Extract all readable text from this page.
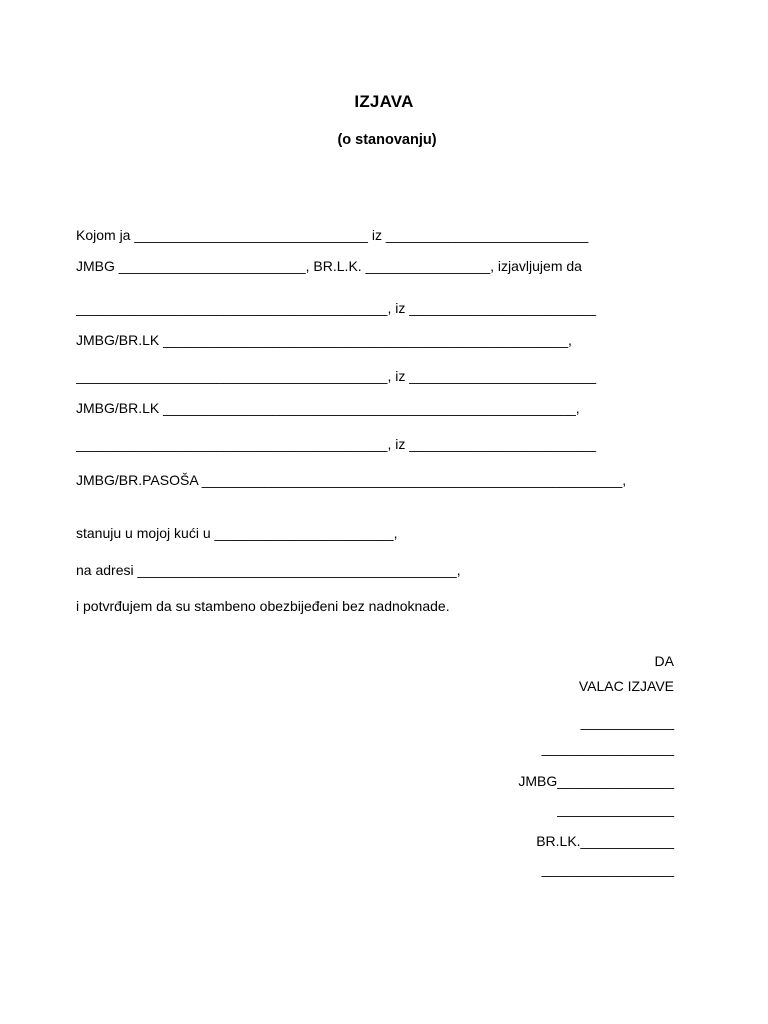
IZJAVA
(o stanovanju)
Kojom ja ______________________________ iz __________________________
JMBG ________________________, BR.L.K. ________________, izjavljujem da
________________________________________, iz ________________________
JMBG/BR.LK ____________________________________________________,
________________________________________, iz ________________________
JMBG/BR.LK _____________________________________________________,
________________________________________, iz ________________________
JMBG/BR.PASOŠA ______________________________________________________,
stanuju u mojoj kući u _______________________,
na adresi _________________________________________,
i potvrđujem da su stambeno obezbijeđeni bez nadnoknade.
DA
VALAC IZJAVE
____________
_________________
JMBG_______________
_______________
BR.LK.____________
_________________
